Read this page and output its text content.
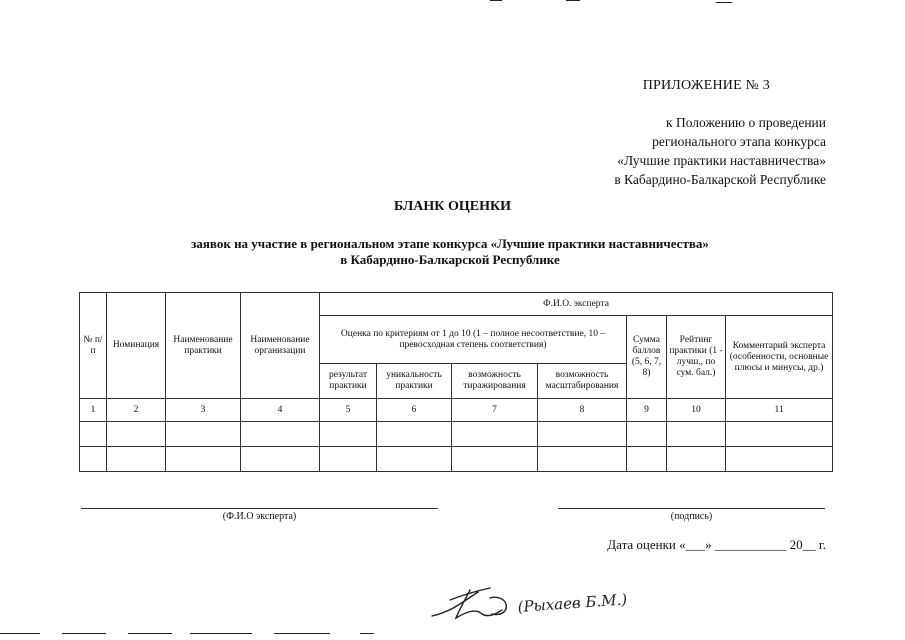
ПРИЛОЖЕНИЕ № 3
к Положению о проведении
регионального этапа конкурса
«Лучшие практики наставничества»
в Кабардино-Балкарской Республике
БЛАНК ОЦЕНКИ
заявок на участие в региональном этапе конкурса «Лучшие практики наставничества»
в Кабардино-Балкарской Республике
№ п/п	Номинация	Наименование практики	Наименование организации	Ф.И.О. эксперта						
				Оценка по критериям от 1 до 10 (1 – полное несоответствие, 10 – превосходная степень соответствия)				Сумма баллов (5, 6, 7, 8)	Рейтинг практики (1 - лучш., по сум. бал.)	Комментарий эксперта (особенности, основные плюсы и минусы, др.)
				результат практики	уникальность практики	возможность тиражирования	возможность масштабирования			
1	2	3	4	5	6	7	8	9	10	11

(Ф.И.О эксперта)	(подпись)
Дата оценки «___» ___________ 20__ г.
(Рыхаев Б.М.)
